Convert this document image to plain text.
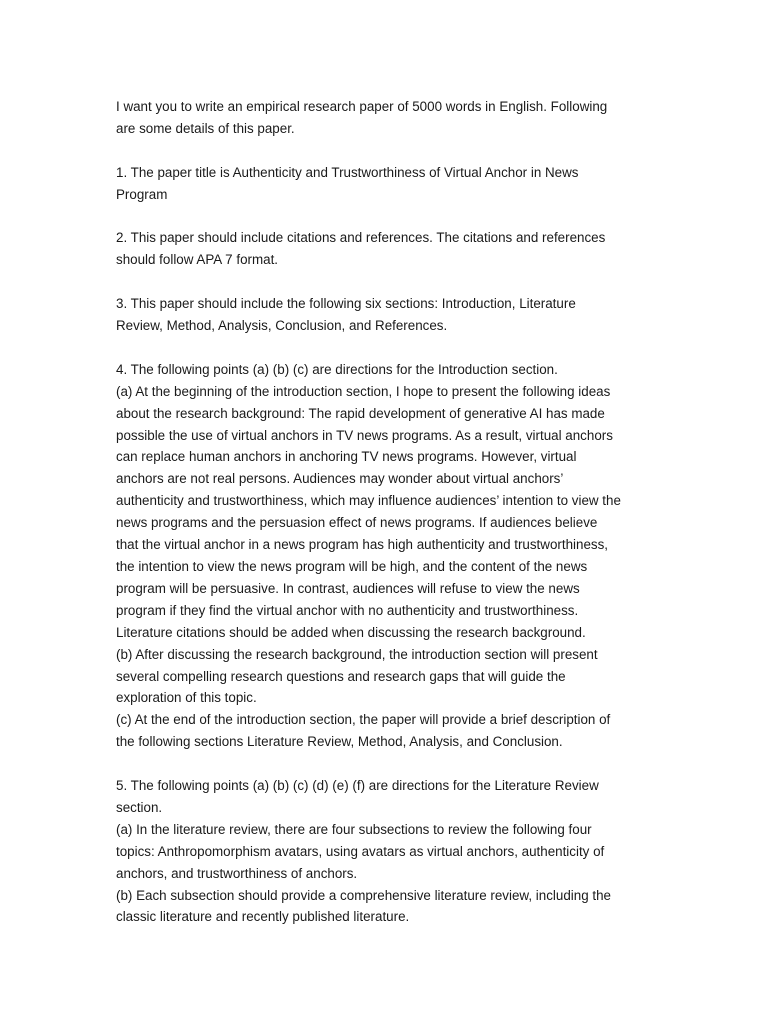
I want you to write an empirical research paper of 5000 words in English. Following
are some details of this paper.

1. The paper title is Authenticity and Trustworthiness of Virtual Anchor in News
Program

2. This paper should include citations and references. The citations and references
should follow APA 7 format.

3. This paper should include the following six sections: Introduction, Literature
Review, Method, Analysis, Conclusion, and References.

4. The following points (a) (b) (c) are directions for the Introduction section.
(a) At the beginning of the introduction section, I hope to present the following ideas
about the research background: The rapid development of generative AI has made
possible the use of virtual anchors in TV news programs. As a result, virtual anchors
can replace human anchors in anchoring TV news programs. However, virtual
anchors are not real persons. Audiences may wonder about virtual anchors’
authenticity and trustworthiness, which may influence audiences’ intention to view the
news programs and the persuasion effect of news programs. If audiences believe
that the virtual anchor in a news program has high authenticity and trustworthiness,
the intention to view the news program will be high, and the content of the news
program will be persuasive. In contrast, audiences will refuse to view the news
program if they find the virtual anchor with no authenticity and trustworthiness.
Literature citations should be added when discussing the research background.
(b) After discussing the research background, the introduction section will present
several compelling research questions and research gaps that will guide the
exploration of this topic.
(c) At the end of the introduction section, the paper will provide a brief description of
the following sections Literature Review, Method, Analysis, and Conclusion.

5. The following points (a) (b) (c) (d) (e) (f) are directions for the Literature Review
section.
(a) In the literature review, there are four subsections to review the following four
topics: Anthropomorphism avatars, using avatars as virtual anchors, authenticity of
anchors, and trustworthiness of anchors.
(b) Each subsection should provide a comprehensive literature review, including the
classic literature and recently published literature.
